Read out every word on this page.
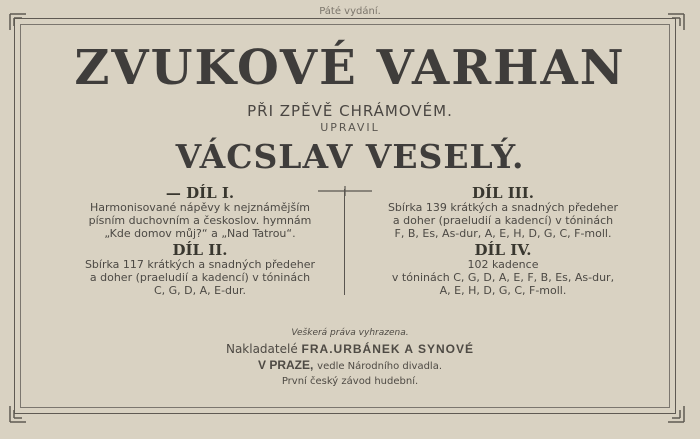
Páté vydání.
ZVUKOVÉ VARHAN
PŘI ZPĚVĚ CHRÁMOVÉM.
UPRAVIL
VÁCSLAV VESELÝ.
— DÍL I.
Harmonisované nápěvy k nejznámějším
písním duchovním a českoslov. hymnám
„Kde domov můj?“ a „Nad Tatrou“.
DÍL II.
Sbírka 117 krátkých a snadných předeher
a doher (praeludií a kadencí) v tóninách
C, G, D, A, E-dur.
DÍL III.
Sbírka 139 krátkých a snadných předeher
a doher (praeludií a kadencí) v tóninách
F, B, Es, As-dur, A, E, H, D, G, C, F-moll.
DÍL IV.
102 kadence
v tóninách C, G, D, A, E, F, B, Es, As-dur,
A, E, H, D, G, C, F-moll.
Veškerá práva vyhrazena.
Nakladatelé FRA.URBÁNEK A SYNOVÉ
V PRAZE, vedle Národního divadla.
První český závod hudební.
